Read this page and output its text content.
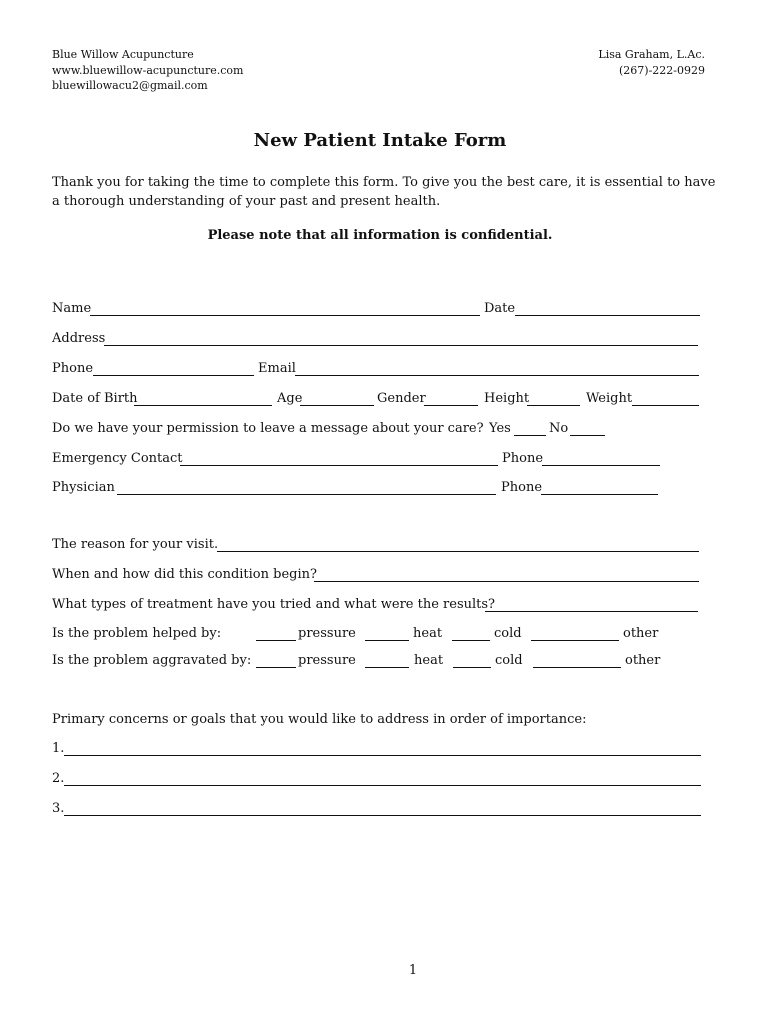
Blue Willow Acupuncture
www.bluewillow-acupuncture.com
bluewillowacu2@gmail.com
Lisa Graham, L.Ac.
(267)-222-0929
New Patient Intake Form

Thank you for taking the time to complete this form. To give you the best care, it is essential to have a thorough understanding of your past and present health.

Please note that all information is confidential.
Name	Date
Address
Phone	Email
Date of Birth	Age	Gender	Height	Weight
Do we have your permission to leave a message about your care? Yes	No
Emergency Contact	Phone
Physician	Phone
The reason for your visit.
When and how did this condition begin?
What types of treatment have you tried and what were the results?
Is the problem helped by:	pressure	heat	cold	other
Is the problem aggravated by:	pressure	heat	cold	other
Primary concerns or goals that you would like to address in order of importance:
1.
2.
3.
1
